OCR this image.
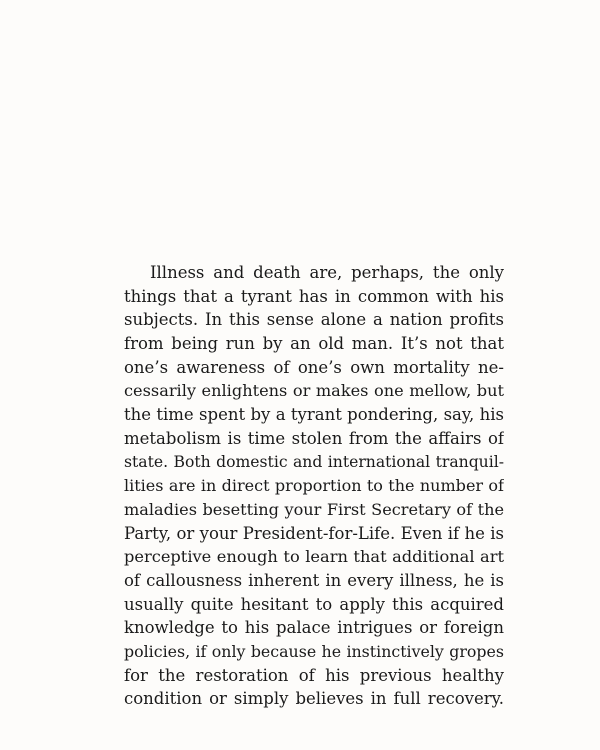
Illness and death are, perhaps, the only
things that a tyrant has in common with his
subjects. In this sense alone a nation profits
from being run by an old man. It’s not that
one’s awareness of one’s own mortality ne-
cessarily enlightens or makes one mellow, but
the time spent by a tyrant pondering, say, his
metabolism is time stolen from the affairs of
state. Both domestic and international tranquil-
lities are in direct proportion to the number of
maladies besetting your First Secretary of the
Party, or your President-for-Life. Even if he is
perceptive enough to learn that additional art
of callousness inherent in every illness, he is
usually quite hesitant to apply this acquired
knowledge to his palace intrigues or foreign
policies, if only because he instinctively gropes
for the restoration of his previous healthy
condition or simply believes in full recovery.
